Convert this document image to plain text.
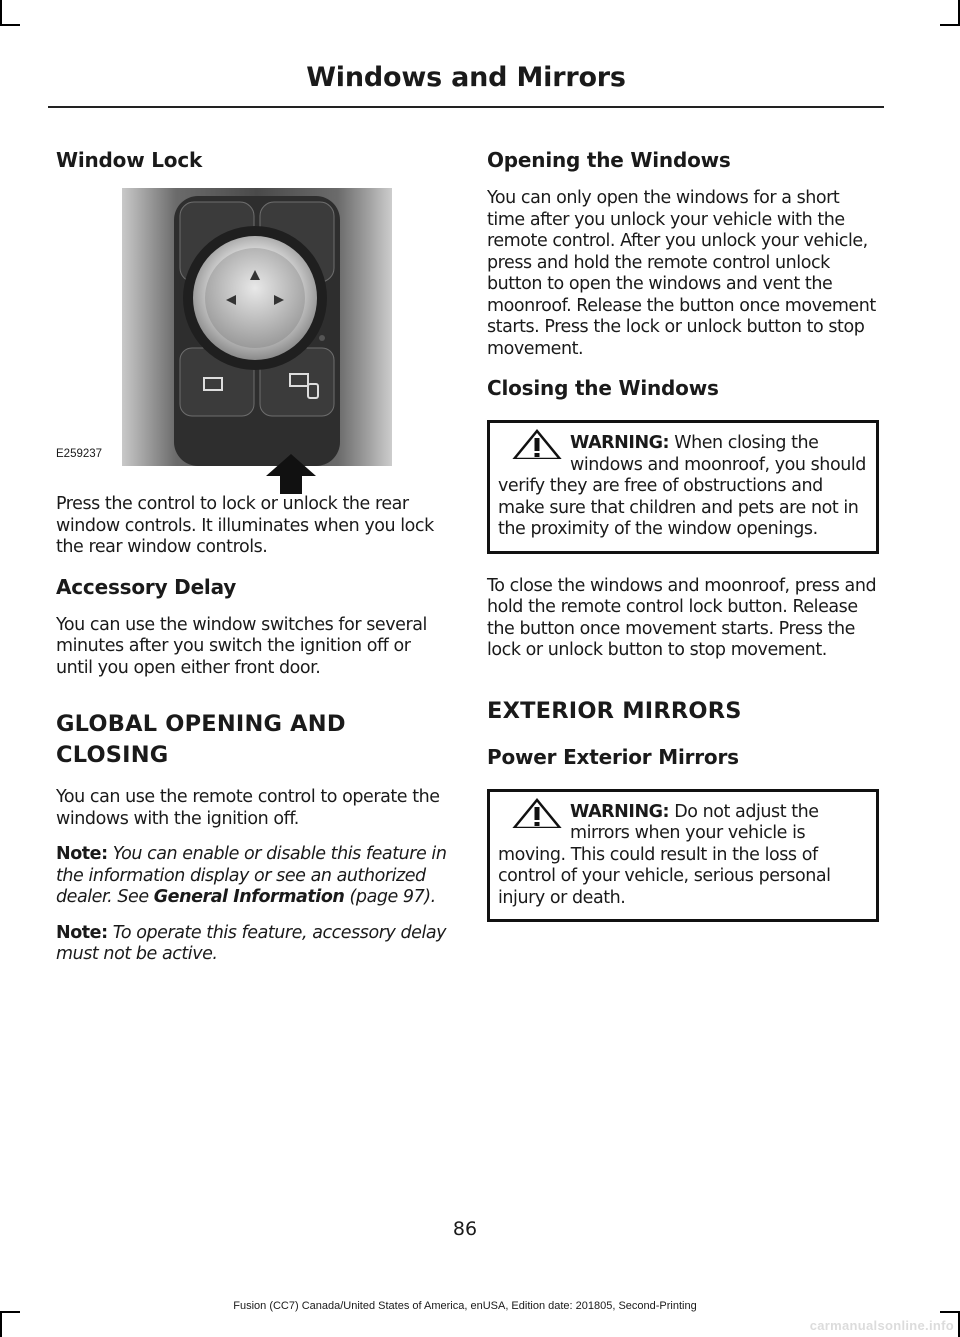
Windows and Mirrors
Window Lock
E259237

Press the control to lock or unlock the rear window controls. It illuminates when you lock the rear window controls.

Accessory Delay

You can use the window switches for several minutes after you switch the ignition off or until you open either front door.

GLOBAL OPENING AND
CLOSING

You can use the remote control to operate the windows with the ignition off.

Note: You can enable or disable this feature in the information display or see an authorized dealer. See General Information (page 97).

Note: To operate this feature, accessory delay must not be active.

Opening the Windows

You can only open the windows for a short time after you unlock your vehicle with the remote control. After you unlock your vehicle, press and hold the remote control unlock button to open the windows and vent the moonroof. Release the button once movement starts. Press the lock or unlock button to stop movement.

Closing the Windows
WARNING: When closing the windows and moonroof, you should verify they are free of obstructions and make sure that children and pets are not in the proximity of the window openings.

To close the windows and moonroof, press and hold the remote control lock button. Release the button once movement starts. Press the lock or unlock button to stop movement.

EXTERIOR MIRRORS
Power Exterior Mirrors
WARNING: Do not adjust the mirrors when your vehicle is moving. This could result in the loss of control of your vehicle, serious personal injury or death.
86
Fusion (CC7) Canada/United States of America, enUSA, Edition date: 201805, Second-Printing
carmanualsonline.info
